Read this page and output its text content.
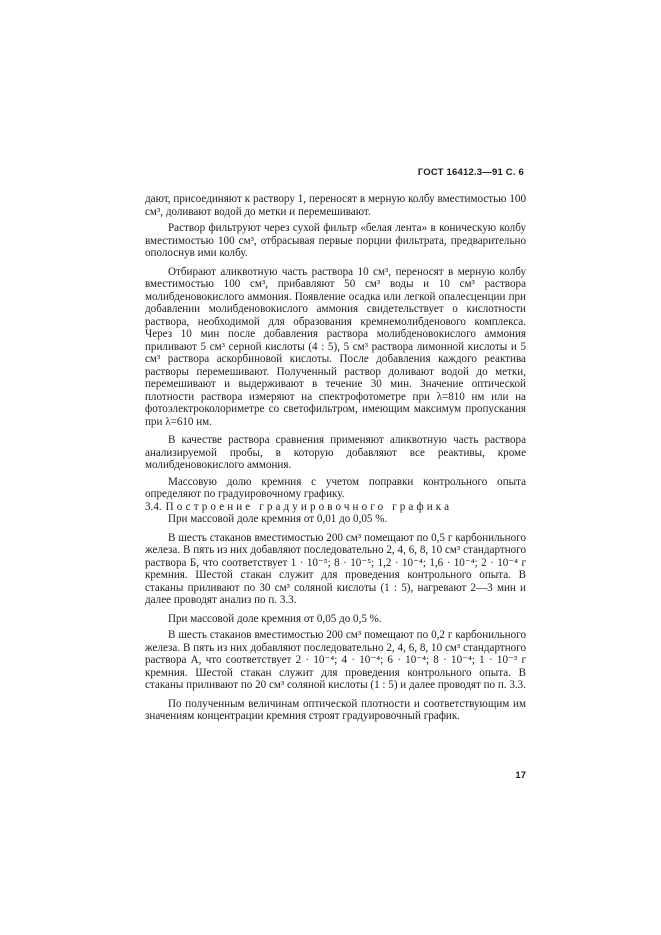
ГОСТ 16412.3—91 С. 6

дают, присоединяют к раствору 1, переносят в мерную колбу вместимостью 100 см³, доливают водой до метки и перемешивают.

Раствор фильтруют через сухой фильтр «белая лента» в коническую колбу вместимостью 100 см³, отбрасывая первые порции фильтрата, предварительно ополоснув ими колбу.

Отбирают аликвотную часть раствора 10 см³, переносят в мерную колбу вместимостью 100 см³, прибавляют 50 см³ воды и 10 см³ раствора молибденовокислого аммония. Появление осадка или легкой опалесценции при добавлении молибденовокислого аммония свидетельствует о кислотности раствора, необходимой для образования кремнемолибденового комплекса. Через 10 мин после добавления раствора молибденовокислого аммония приливают 5 см³ серной кислоты (4 : 5), 5 см³ раствора лимонной кислоты и 5 см³ раствора аскорбиновой кислоты. После добавления каждого реактива растворы перемешивают. Полученный раствор доливают водой до метки, перемешивают и выдерживают в течение 30 мин. Значение оптической плотности раствора измеряют на спектрофотометре при λ=810 нм или на фотоэлектроколориметре со светофильтром, имеющим максимум пропускания при λ=610 нм.

В качестве раствора сравнения применяют аликвотную часть раствора анализируемой пробы, в которую добавляют все реактивы, кроме молибденовокислого аммония.

Массовую долю кремния с учетом поправки контрольного опыта определяют по градуировочному графику.

3.4. Построение градуировочного графика

При массовой доле кремния от 0,01 до 0,05 %.

В шесть стаканов вместимостью 200 см³ помещают по 0,5 г карбонильного железа. В пять из них добавляют последовательно 2, 4, 6, 8, 10 см³ стандартного раствора Б, что соответствует 1 · 10⁻⁵; 8 · 10⁻⁵; 1,2 · 10⁻⁴; 1,6 · 10⁻⁴; 2 · 10⁻⁴ г кремния. Шестой стакан служит для проведения контрольного опыта. В стаканы приливают по 30 см³ соляной кислоты (1 : 5), нагревают 2—3 мин и далее проводят анализ по п. 3.3.

При массовой доле кремния от 0,05 до 0,5 %.

В шесть стаканов вместимостью 200 см³ помещают по 0,2 г карбонильного железа. В пять из них добавляют последовательно 2, 4, 6, 8, 10 см³ стандартного раствора А, что соответствует 2 · 10⁻⁴; 4 · 10⁻⁴; 6 · 10⁻⁴; 8 · 10⁻⁴; 1 · 10⁻³ г кремния. Шестой стакан служит для проведения контрольного опыта. В стаканы приливают по 20 см³ соляной кислоты (1 : 5) и далее проводят по п. 3.3.

По полученным величинам оптической плотности и соответствующим им значениям концентрации кремния строят градуировочный график.

17
